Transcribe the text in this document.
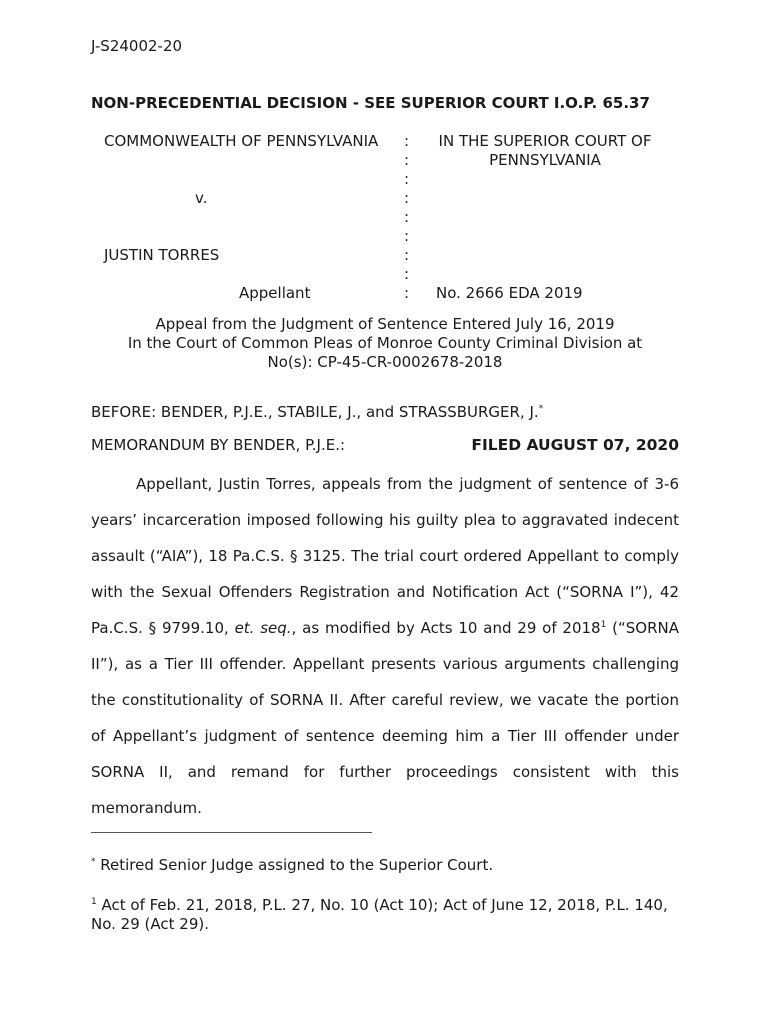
J-S24002-20
NON-PRECEDENTIAL DECISION - SEE SUPERIOR COURT I.O.P. 65.37
COMMONWEALTH OF PENNSYLVANIA
v.
JUSTIN TORRES
Appellant
:
:
:
:
:
:
:
:
:
IN THE SUPERIOR COURT OF
PENNSYLVANIA
No. 2666 EDA 2019
Appeal from the Judgment of Sentence Entered July 16, 2019
In the Court of Common Pleas of Monroe County Criminal Division at
No(s): CP-45-CR-0002678-2018
BEFORE: BENDER, P.J.E., STABILE, J., and STRASSBURGER, J.*
MEMORANDUM BY BENDER, P.J.E.:	FILED AUGUST 07, 2020

Appellant, Justin Torres, appeals from the judgment of sentence of 3-6 years’ incarceration imposed following his guilty plea to aggravated indecent assault (“AIA”), 18 Pa.C.S. § 3125. The trial court ordered Appellant to comply with the Sexual Offenders Registration and Notification Act (“SORNA I”), 42 Pa.C.S. § 9799.10, et. seq., as modified by Acts 10 and 29 of 2018$^1$ (“SORNA II”), as a Tier III offender. Appellant presents various arguments challenging the constitutionality of SORNA II. After careful review, we vacate the portion of Appellant’s judgment of sentence deeming him a Tier III offender under SORNA II, and remand for further proceedings consistent with this memorandum.

* Retired Senior Judge assigned to the Superior Court.
$^1$ Act of Feb. 21, 2018, P.L. 27, No. 10 (Act 10); Act of June 12, 2018, P.L. 140, No. 29 (Act 29).
